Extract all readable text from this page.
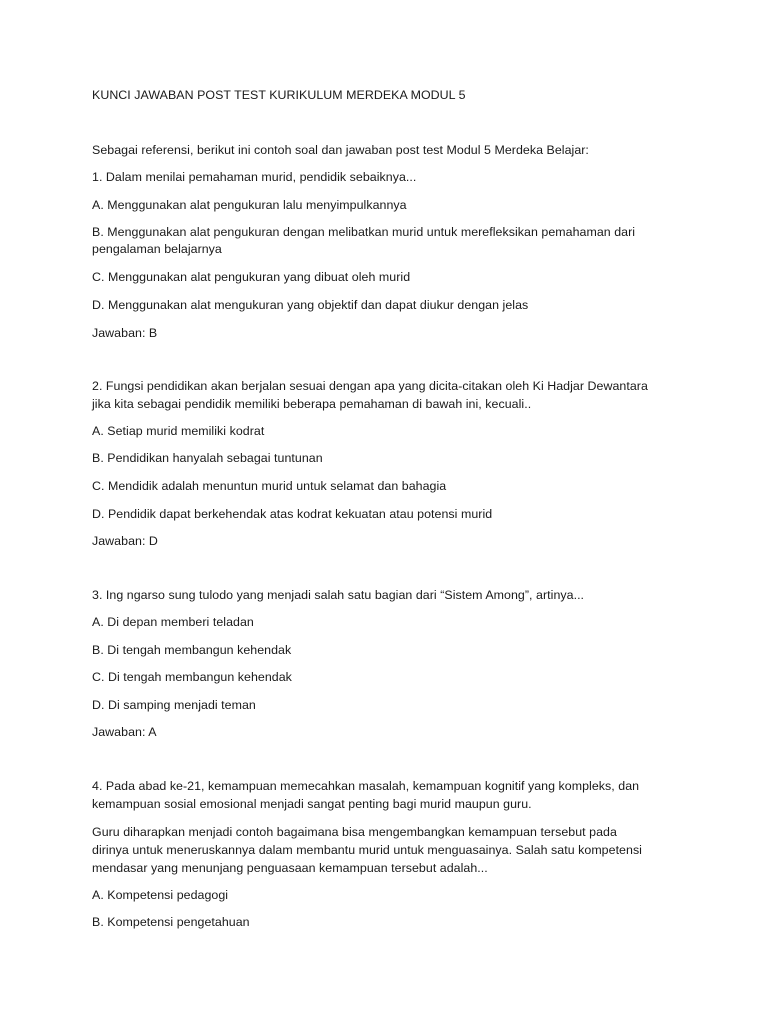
KUNCI JAWABAN POST TEST KURIKULUM MERDEKA MODUL 5
Sebagai referensi, berikut ini contoh soal dan jawaban post test Modul 5 Merdeka Belajar:
1. Dalam menilai pemahaman murid, pendidik sebaiknya...
A. Menggunakan alat pengukuran lalu menyimpulkannya
B. Menggunakan alat pengukuran dengan melibatkan murid untuk merefleksikan pemahaman dari
pengalaman belajarnya
C. Menggunakan alat pengukuran yang dibuat oleh murid
D. Menggunakan alat mengukuran yang objektif dan dapat diukur dengan jelas
Jawaban: B
2. Fungsi pendidikan akan berjalan sesuai dengan apa yang dicita-citakan oleh Ki Hadjar Dewantara
jika kita sebagai pendidik memiliki beberapa pemahaman di bawah ini, kecuali..
A. Setiap murid memiliki kodrat
B. Pendidikan hanyalah sebagai tuntunan
C. Mendidik adalah menuntun murid untuk selamat dan bahagia
D. Pendidik dapat berkehendak atas kodrat kekuatan atau potensi murid
Jawaban: D
3. Ing ngarso sung tulodo yang menjadi salah satu bagian dari “Sistem Among”, artinya...
A. Di depan memberi teladan
B. Di tengah membangun kehendak
C. Di tengah membangun kehendak
D. Di samping menjadi teman
Jawaban: A
4. Pada abad ke-21, kemampuan memecahkan masalah, kemampuan kognitif yang kompleks, dan
kemampuan sosial emosional menjadi sangat penting bagi murid maupun guru.
Guru diharapkan menjadi contoh bagaimana bisa mengembangkan kemampuan tersebut pada
dirinya untuk meneruskannya dalam membantu murid untuk menguasainya. Salah satu kompetensi
mendasar yang menunjang penguasaan kemampuan tersebut adalah...
A. Kompetensi pedagogi
B. Kompetensi pengetahuan
